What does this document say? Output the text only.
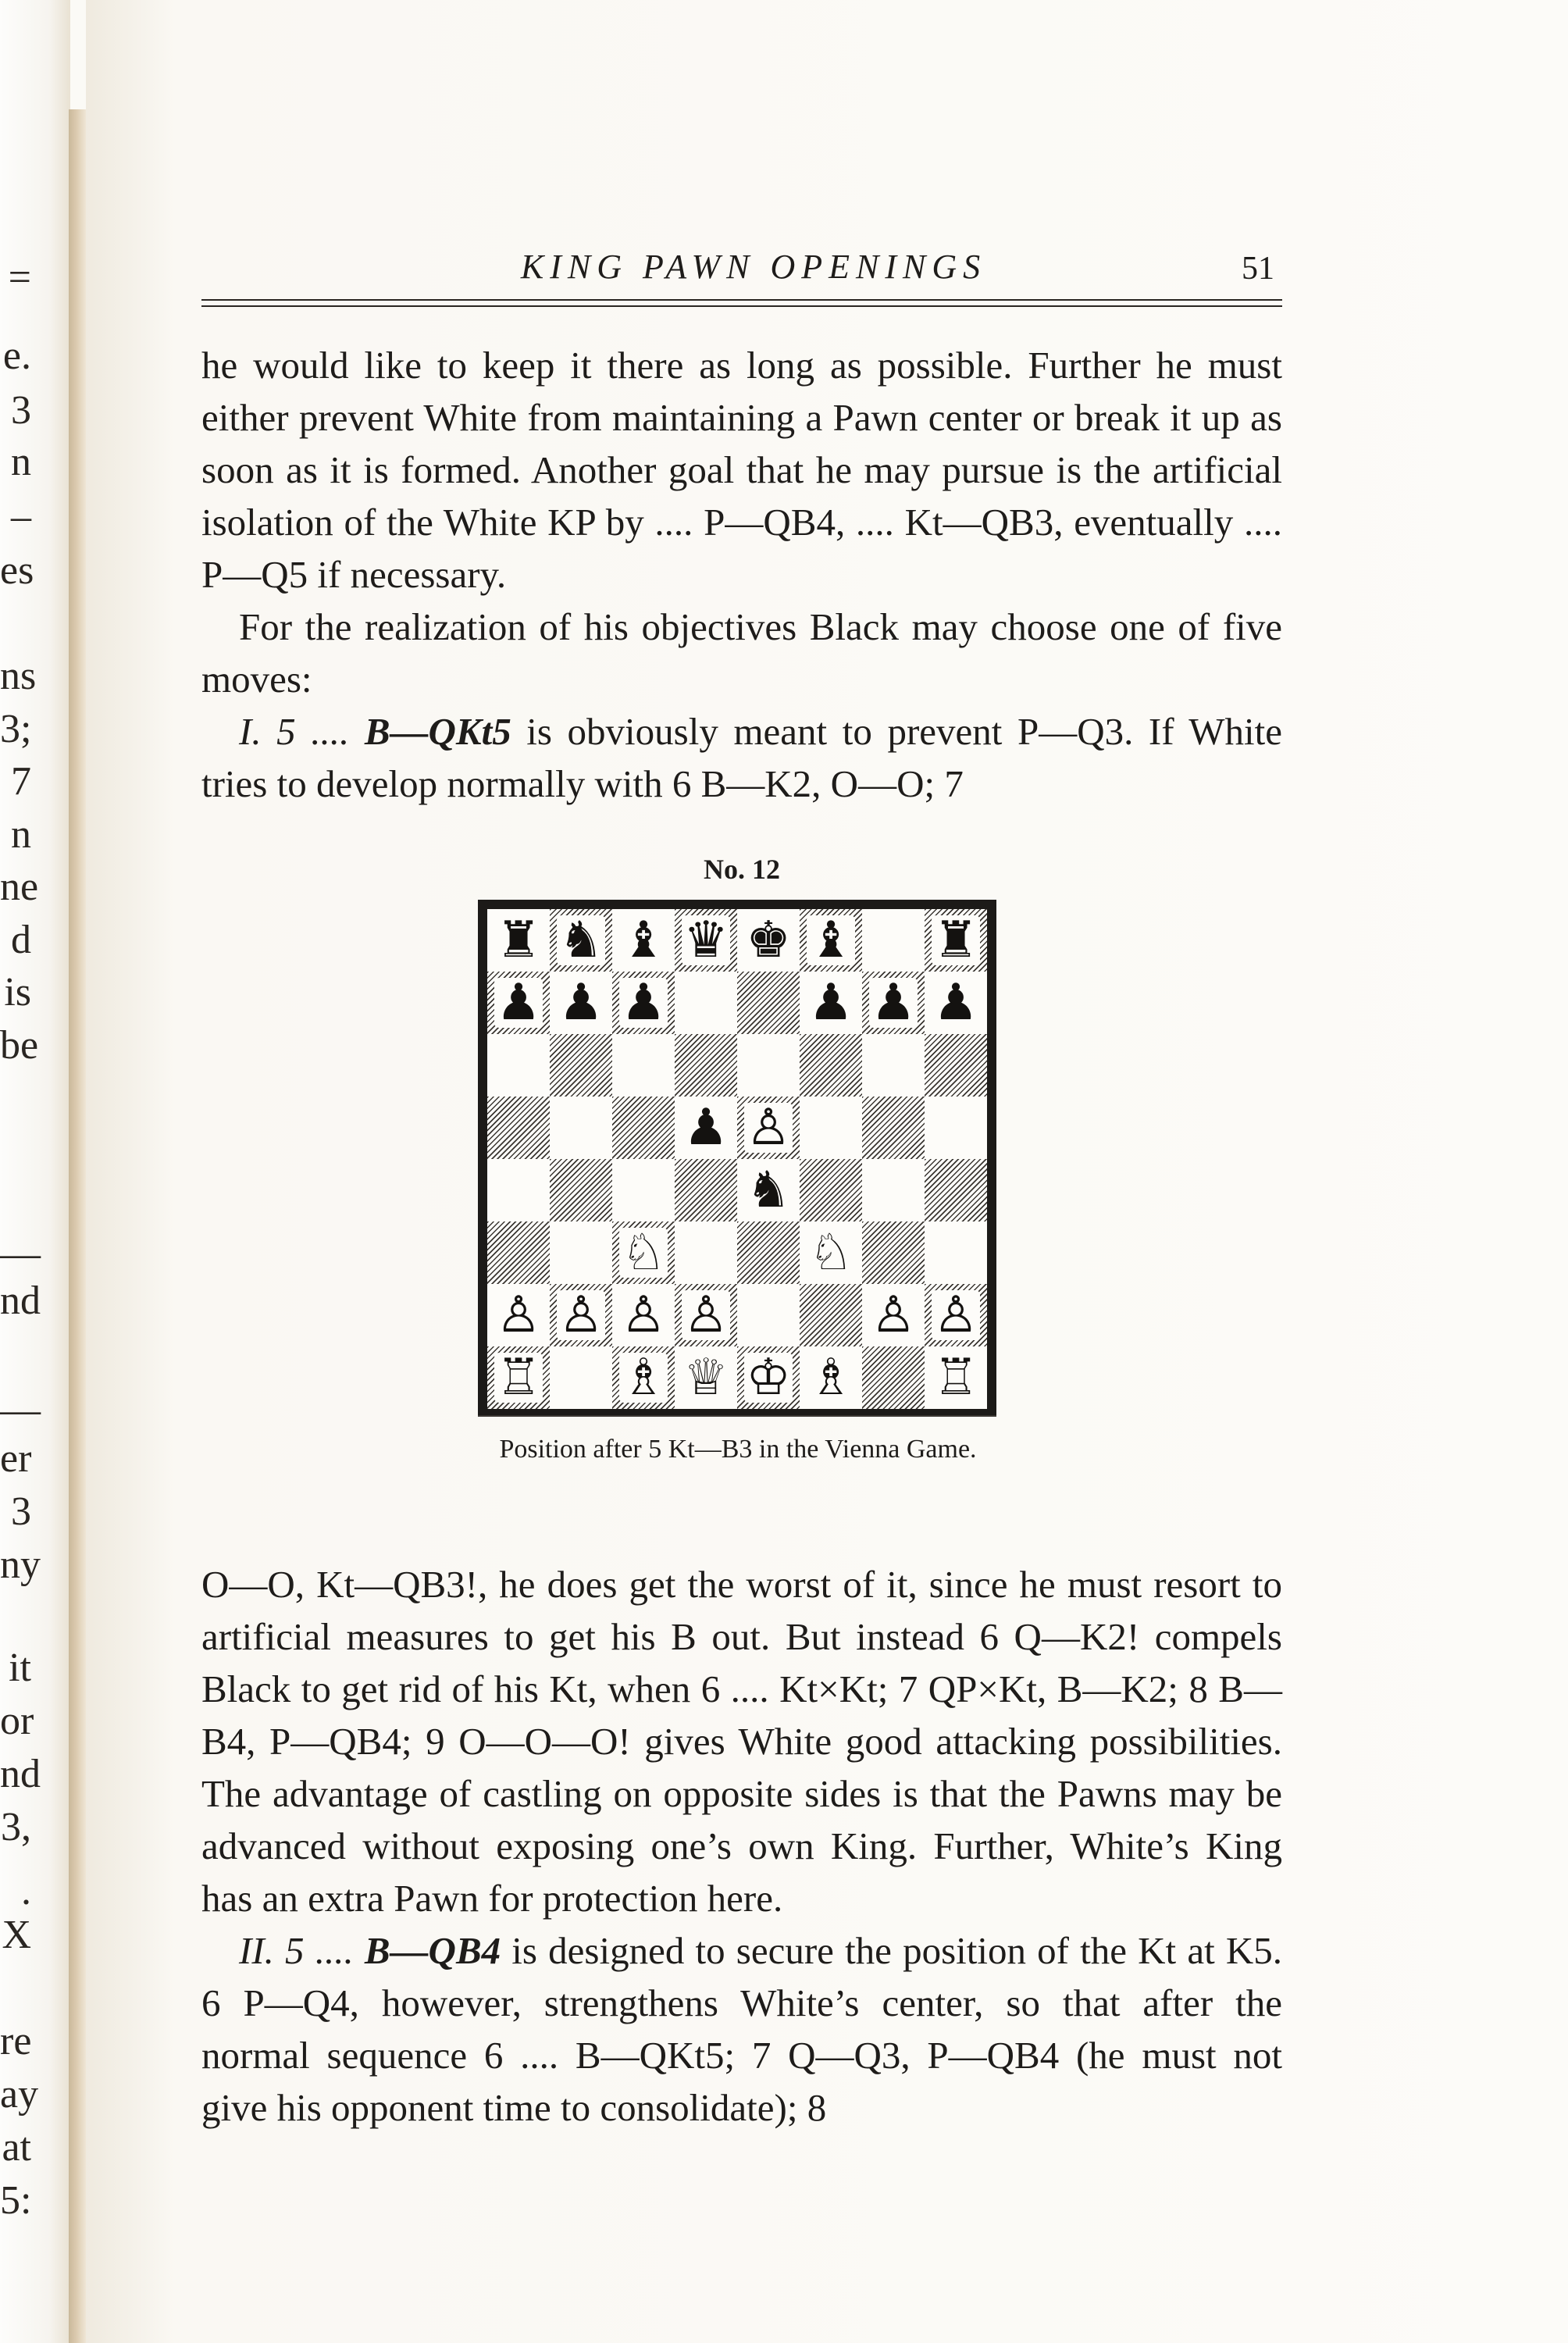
=
e.
3
n
–
es
ns
3;
7
n
ne
d
is
be
—
nd
—
er
3
ny
it
or
nd
3,
.
X
re
ay
at
5:
KING PAWN OPENINGS	51

he would like to keep it there as long as possible. Further he must either prevent White from maintaining a Pawn center or break it up as soon as it is formed. Another goal that he may pursue is the artificial isolation of the White KP by .... P—QB4, .... Kt—QB3, eventually .... P—Q5 if necessary.

For the realization of his objectives Black may choose one of five moves:

I. 5 .... B—QKt5 is obviously meant to prevent P—Q3. If White tries to develop normally with 6 B—K2, O—O; 7

No. 12
♜ ♞ ♝ ♛ ♚ ♝ ♜
♟ ♟ ♟	♟ ♟ ♟
♟ ♙
♞
♘	♘
♙ ♙ ♙ ♙	♙ ♙
♖ ♗ ♕ ♔ ♗ ♖
Position after 5 Kt—B3 in the Vienna Game.

O—O, Kt—QB3!, he does get the worst of it, since he must resort to artificial measures to get his B out. But instead 6 Q—K2! compels Black to get rid of his Kt, when 6 .... Kt×Kt; 7 QP×Kt, B—K2; 8 B—B4, P—QB4; 9 O—O—O! gives White good attacking possibilities. The advantage of castling on opposite sides is that the Pawns may be advanced without exposing one’s own King. Further, White’s King has an extra Pawn for protection here.

II. 5 .... B—QB4 is designed to secure the position of the Kt at K5. 6 P—Q4, however, strengthens White’s center, so that after the normal sequence 6 .... B—QKt5; 7 Q—Q3, P—QB4 (he must not give his opponent time to consolidate); 8
